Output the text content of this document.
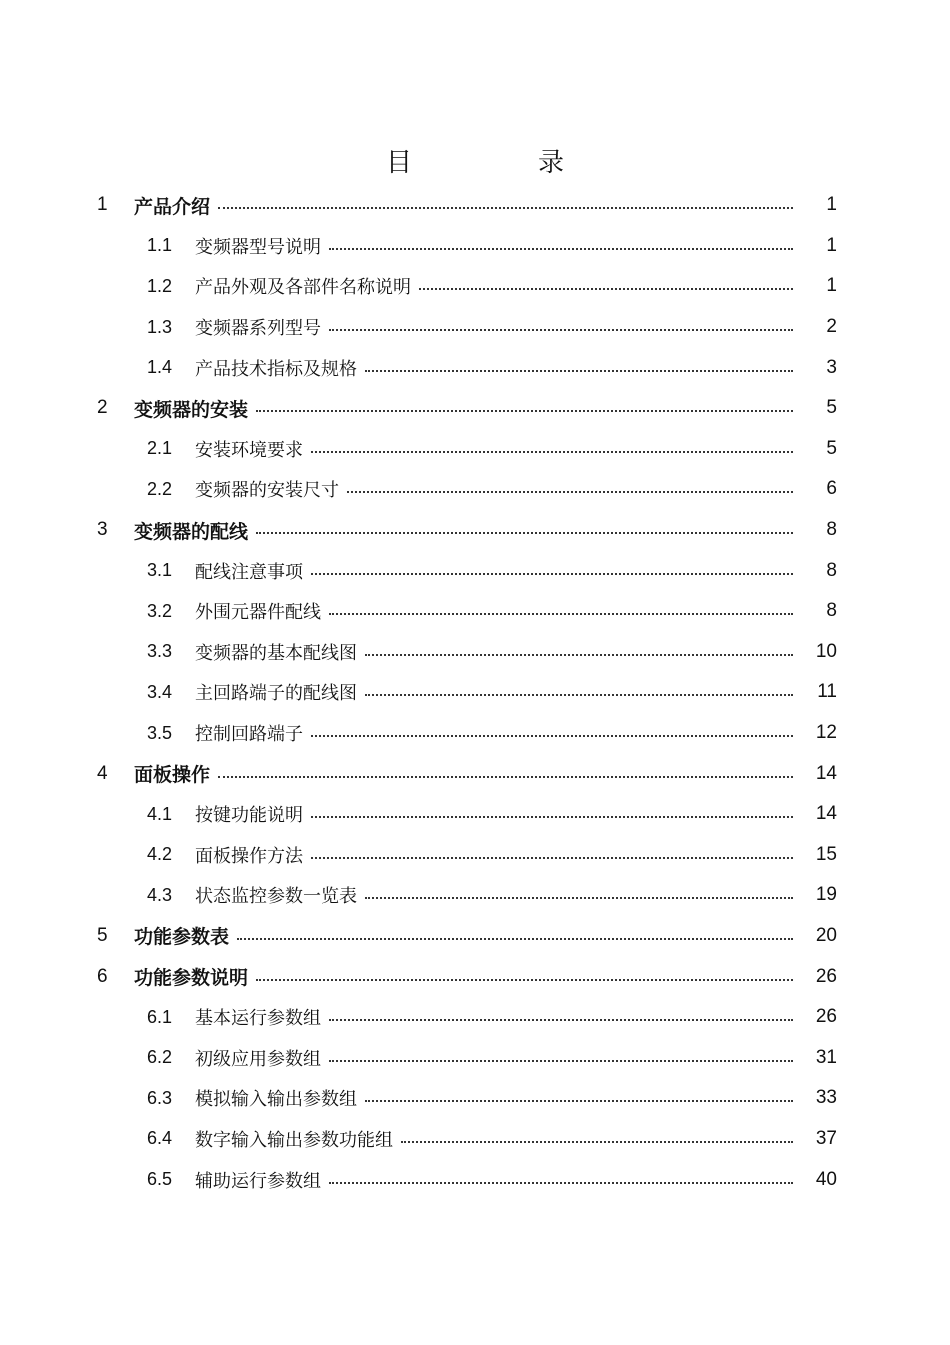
目　录
1	产品介绍	1
1.1	变频器型号说明	1
1.2	产品外观及各部件名称说明	1
1.3	变频器系列型号	2
1.4	产品技术指标及规格	3
2	变频器的安装	5
2.1	安装环境要求	5
2.2	变频器的安装尺寸	6
3	变频器的配线	8
3.1	配线注意事项	8
3.2	外围元器件配线	8
3.3	变频器的基本配线图	10
3.4	主回路端子的配线图	11
3.5	控制回路端子	12
4	面板操作	14
4.1	按键功能说明	14
4.2	面板操作方法	15
4.3	状态监控参数一览表	19
5	功能参数表	20
6	功能参数说明	26
6.1	基本运行参数组	26
6.2	初级应用参数组	31
6.3	模拟输入输出参数组	33
6.4	数字输入输出参数功能组	37
6.5	辅助运行参数组	40
